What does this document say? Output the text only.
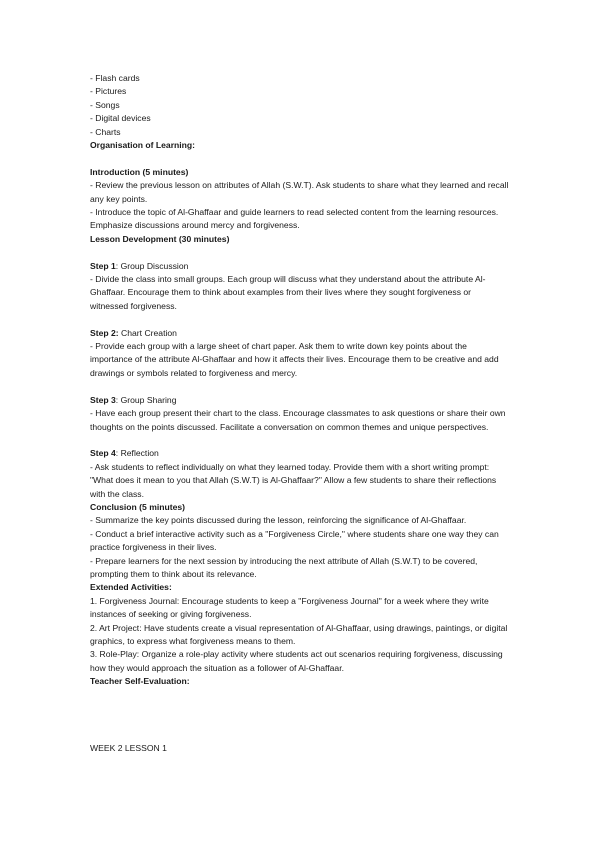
- Flash cards

- Pictures

- Songs

- Digital devices

- Charts

Organisation of Learning:

Introduction (5 minutes)

- Review the previous lesson on attributes of Allah (S.W.T). Ask students to share what they learned and recall any key points.

- Introduce the topic of Al-Ghaffaar and guide learners to read selected content from the learning resources. Emphasize discussions around mercy and forgiveness.

Lesson Development (30 minutes)

Step 1: Group Discussion

- Divide the class into small groups. Each group will discuss what they understand about the attribute Al-Ghaffaar. Encourage them to think about examples from their lives where they sought forgiveness or witnessed forgiveness.

Step 2: Chart Creation

- Provide each group with a large sheet of chart paper. Ask them to write down key points about the importance of the attribute Al-Ghaffaar and how it affects their lives. Encourage them to be creative and add drawings or symbols related to forgiveness and mercy.

Step 3: Group Sharing

- Have each group present their chart to the class. Encourage classmates to ask questions or share their own thoughts on the points discussed. Facilitate a conversation on common themes and unique perspectives.

Step 4: Reflection

- Ask students to reflect individually on what they learned today. Provide them with a short writing prompt: "What does it mean to you that Allah (S.W.T) is Al-Ghaffaar?" Allow a few students to share their reflections with the class.

Conclusion (5 minutes)

- Summarize the key points discussed during the lesson, reinforcing the significance of Al-Ghaffaar.

- Conduct a brief interactive activity such as a "Forgiveness Circle," where students share one way they can practice forgiveness in their lives.

- Prepare learners for the next session by introducing the next attribute of Allah (S.W.T) to be covered, prompting them to think about its relevance.

Extended Activities:

1. Forgiveness Journal: Encourage students to keep a "Forgiveness Journal" for a week where they write instances of seeking or giving forgiveness.

2. Art Project: Have students create a visual representation of Al-Ghaffaar, using drawings, paintings, or digital graphics, to express what forgiveness means to them.

3. Role-Play: Organize a role-play activity where students act out scenarios requiring forgiveness, discussing how they would approach the situation as a follower of Al-Ghaffaar.

Teacher Self-Evaluation:

WEEK 2 LESSON 1
